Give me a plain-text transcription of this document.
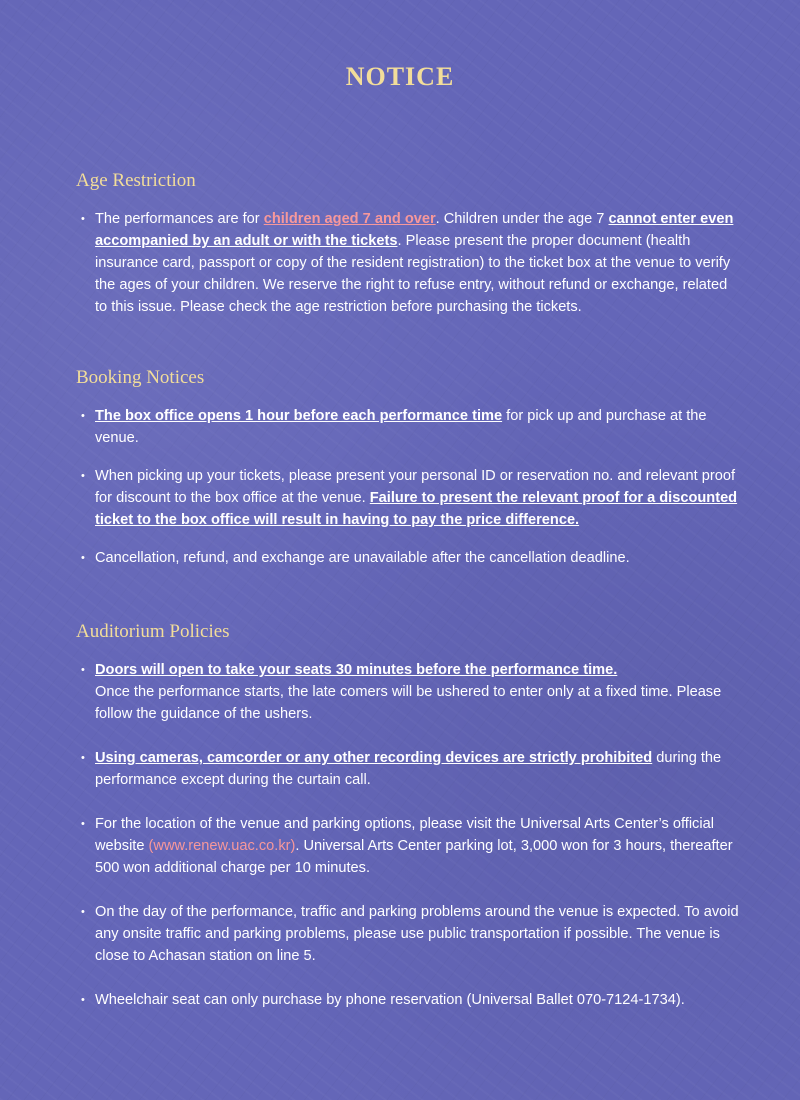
NOTICE
Age Restriction
• The performances are for children aged 7 and over. Children under the age 7 cannot enter even accompanied by an adult or with the tickets. Please present the proper document (health insurance card, passport or copy of the resident registration) to the ticket box at the venue to verify the ages of your children. We reserve the right to refuse entry, without refund or exchange, related to this issue. Please check the age restriction before purchasing the tickets.
Booking Notices
• The box office opens 1 hour before each performance time for pick up and purchase at the venue.
• When picking up your tickets, please present your personal ID or reservation no. and relevant proof for discount to the box office at the venue. Failure to present the relevant proof for a discounted ticket to the box office will result in having to pay the price difference.
• Cancellation, refund, and exchange are unavailable after the cancellation deadline.
Auditorium Policies
• Doors will open to take your seats 30 minutes before the performance time.
Once the performance starts, the late comers will be ushered to enter only at a fixed time. Please follow the guidance of the ushers.
• Using cameras, camcorder or any other recording devices are strictly prohibited during the performance except during the curtain call.
• For the location of the venue and parking options, please visit the Universal Arts Center’s official website (www.renew.uac.co.kr). Universal Arts Center parking lot, 3,000 won for 3 hours, thereafter 500 won additional charge per 10 minutes.
• On the day of the performance, traffic and parking problems around the venue is expected. To avoid any onsite traffic and parking problems, please use public transportation if possible. The venue is close to Achasan station on line 5.
• Wheelchair seat can only purchase by phone reservation (Universal Ballet 070-7124-1734).
